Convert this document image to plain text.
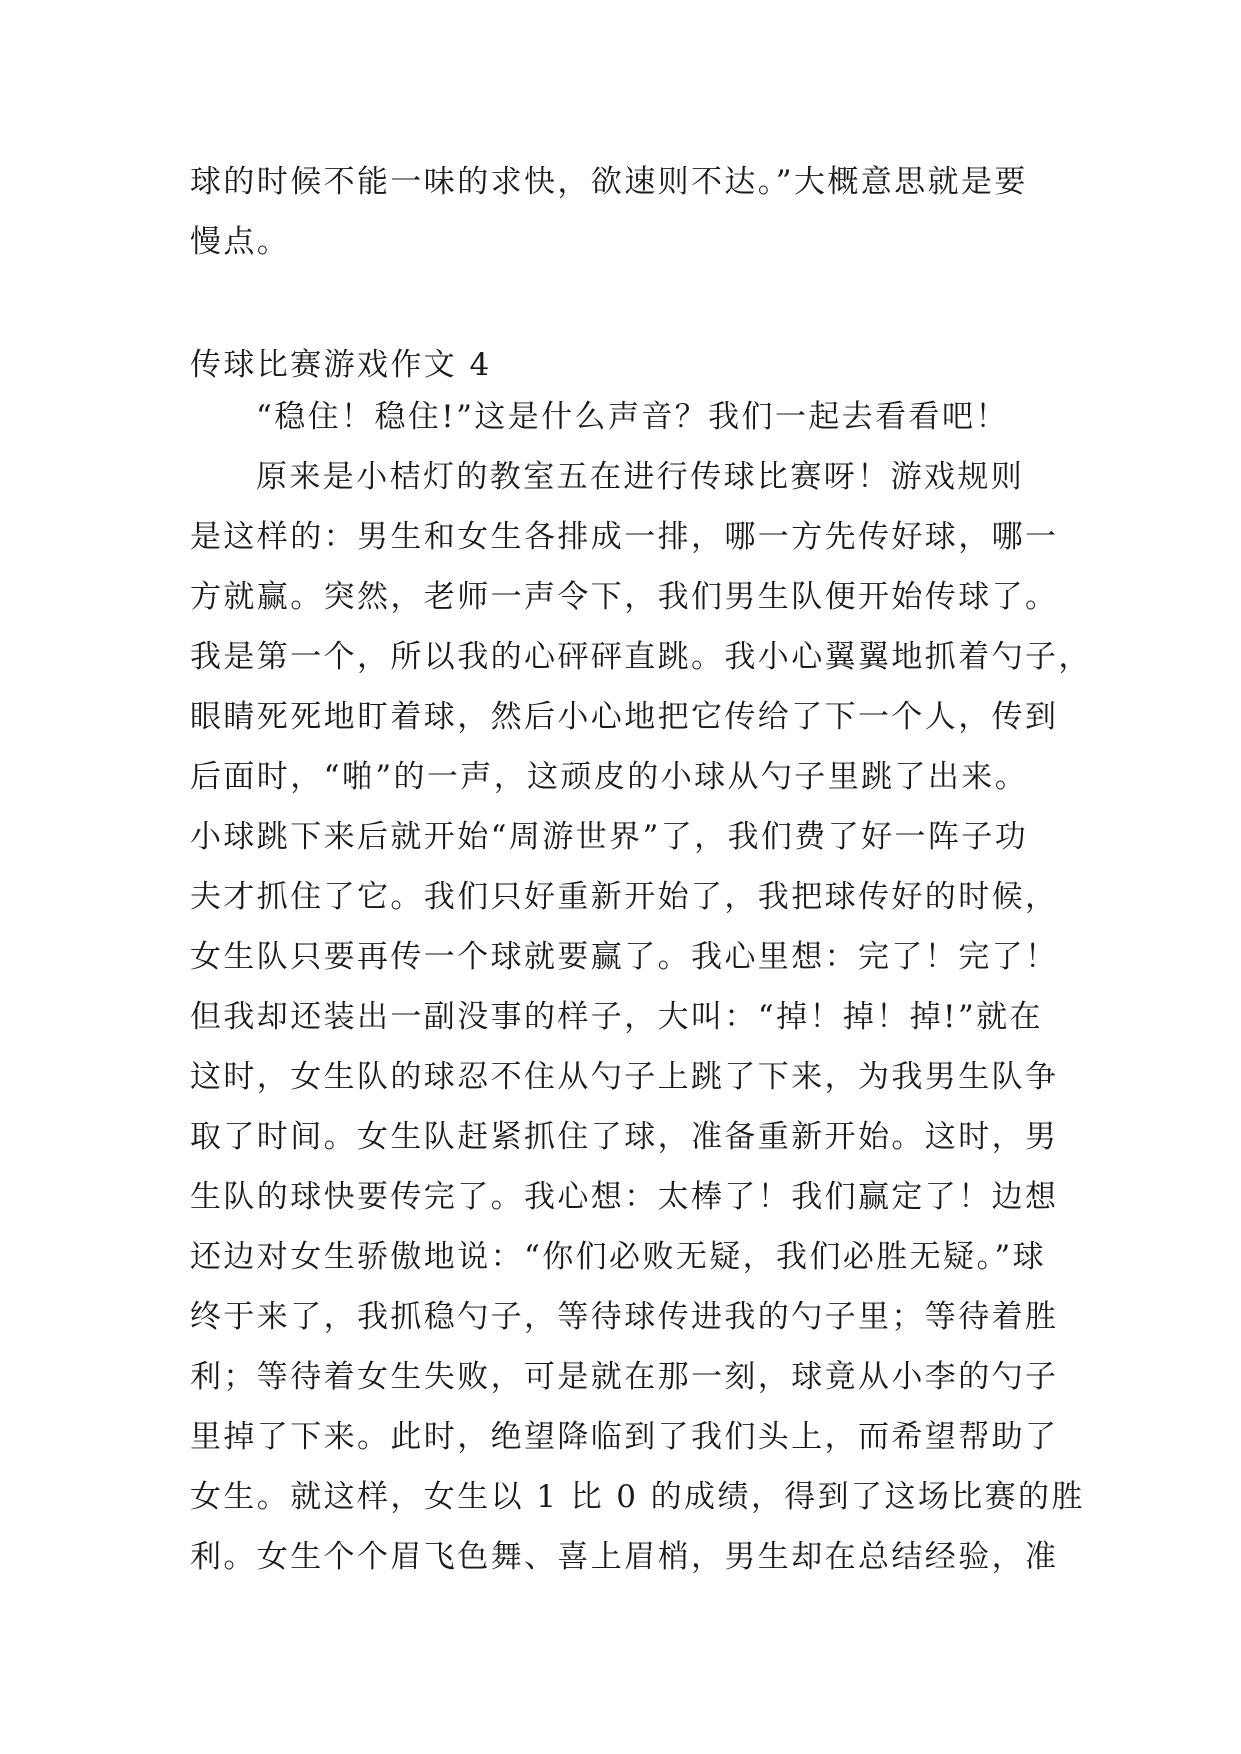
球的时候不能一味的求快，欲速则不达。”大概意思就是要
慢点。
传球比赛游戏作文 4
“稳住！稳住!”这是什么声音？我们一起去看看吧！
原来是小桔灯的教室五在进行传球比赛呀！游戏规则
是这样的：男生和女生各排成一排，哪一方先传好球，哪一
方就赢。突然，老师一声令下，我们男生队便开始传球了。
我是第一个，所以我的心砰砰直跳。我小心翼翼地抓着勺子，
眼睛死死地盯着球，然后小心地把它传给了下一个人，传到
后面时，“啪”的一声，这顽皮的小球从勺子里跳了出来。
小球跳下来后就开始“周游世界”了，我们费了好一阵子功
夫才抓住了它。我们只好重新开始了，我把球传好的时候，
女生队只要再传一个球就要赢了。我心里想：完了！完了！
但我却还装出一副没事的样子，大叫：“掉！掉！掉!”就在
这时，女生队的球忍不住从勺子上跳了下来，为我男生队争
取了时间。女生队赶紧抓住了球，准备重新开始。这时，男
生队的球快要传完了。我心想：太棒了！我们赢定了！边想
还边对女生骄傲地说：“你们必败无疑，我们必胜无疑。”球
终于来了，我抓稳勺子，等待球传进我的勺子里；等待着胜
利；等待着女生失败，可是就在那一刻，球竟从小李的勺子
里掉了下来。此时，绝望降临到了我们头上，而希望帮助了
女生。就这样，女生以 1 比 0 的成绩，得到了这场比赛的胜
利。女生个个眉飞色舞、喜上眉梢，男生却在总结经验，准
